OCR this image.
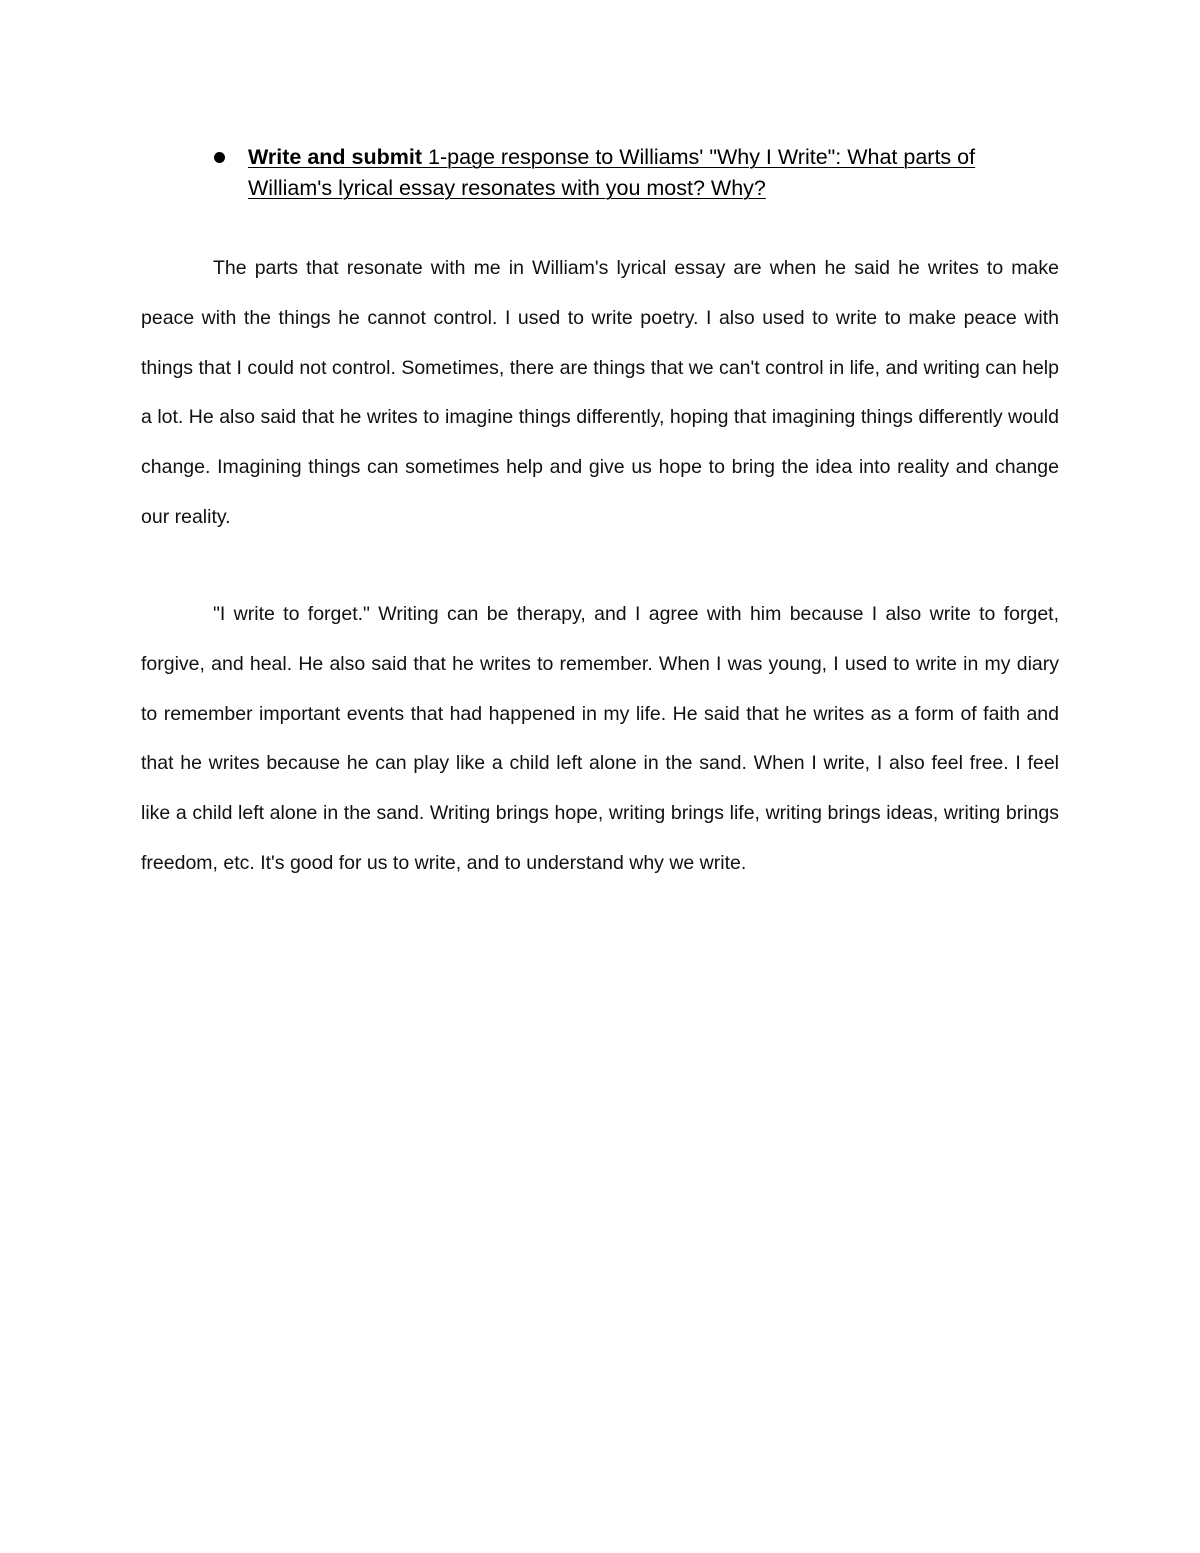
Write and submit 1-page response to Williams' "Why I Write": What parts of William's lyrical essay resonates with you most? Why?

The parts that resonate with me in William's lyrical essay are when he said he writes to make peace with the things he cannot control. I used to write poetry. I also used to write to make peace with things that I could not control. Sometimes, there are things that we can't control in life, and writing can help a lot. He also said that he writes to imagine things differently, hoping that imagining things differently would change. Imagining things can sometimes help and give us hope to bring the idea into reality and change our reality.

"I write to forget." Writing can be therapy, and I agree with him because I also write to forget, forgive, and heal. He also said that he writes to remember. When I was young, I used to write in my diary to remember important events that had happened in my life. He said that he writes as a form of faith and that he writes because he can play like a child left alone in the sand. When I write, I also feel free. I feel like a child left alone in the sand. Writing brings hope, writing brings life, writing brings ideas, writing brings freedom, etc. It's good for us to write, and to understand why we write.
